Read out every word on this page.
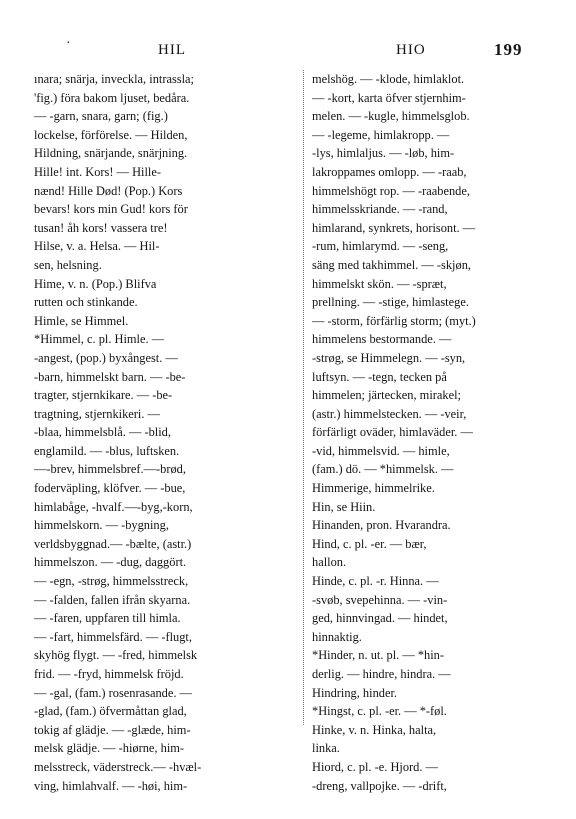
·	HIL	HIO	199
ınara; snärja, inveckla, intrassla;
'fig.) föra bakom ljuset, bedåra.
— -garn, snara, garn; (fig.)
lockelse, förförelse. — Hilden,
Hildning, snärjande, snärjning.
Hille! int. Kors! — Hille-
nænd! Hille Død! (Pop.) Kors
bevars! kors min Gud! kors för
tusan! åh kors! vassera tre!
Hilse, v. a. Helsa. — Hil-
sen, helsning.
Hime, v. n. (Pop.) Blifva
rutten och stinkande.
Himle, se Himmel.
*Himmel, c. pl. Himle. —
-angest, (pop.) byxångest. —
-barn, himmelskt barn. — -be-
tragter, stjernkikare. — -be-
tragtning, stjernkikeri. —
-blaa, himmelsblå. — -blid,
englamild. — -blus, luftsken.
—-brev, himmelsbref.—-brød,
foderväpling, klöfver. — -bue,
himlabåge, -hvalf.—-byg,-korn,
himmelskorn. — -bygning,
verldsbyggnad.— -bælte, (astr.)
himmelszon. — -dug, daggört.
— -egn, -strøg, himmelsstreck,
— -falden, fallen ifrån skyarna.
— -faren, uppfaren till himla.
— -fart, himmelsfärd. — -flugt,
skyhög flygt. — -fred, himmelsk
frid. — -fryd, himmelsk fröjd.
— -gal, (fam.) rosenrasande. —
-glad, (fam.) öfvermåttan glad,
tokig af glädje. — -glæde, him-
melsk glädje. — -hiørne, him-
melsstreck, väderstreck.— -hvæl-
ving, himlahvalf. — -høi, him-
melshög. — -klode, himlaklot.
— -kort, karta öfver stjernhim-
melen. — -kugle, himmelsglob.
— -legeme, himlakropp. —
-lys, himlaljus. — -løb, him-
lakroppames omlopp. — -raab,
himmelshögt rop. — -raabende,
himmelsskriande. — -rand,
himlarand, synkrets, horisont. —
-rum, himlarymd. — -seng,
säng med takhimmel. — -skjøn,
himmelskt skön. — -spræt,
prellning. — -stige, himlastege.
— -storm, förfärlig storm; (myt.)
himmelens bestormande. —
-strøg, se Himmelegn. — -syn,
luftsyn. — -tegn, tecken på
himmelen; järtecken, mirakel;
(astr.) himmelstecken. — -veir,
förfärligt oväder, himlaväder. —
-vid, himmelsvid. — himle,
(fam.) dö. — *himmelsk. —
Himmerige, himmelrike.
Hin, se Hiin.
Hinanden, pron. Hvarandra.
Hind, c. pl. -er. — bær,
hallon.
Hinde, c. pl. -r. Hinna. —
-svøb, svepehinna. — -vin-
ged, hinnvingad. — hindet,
hinnaktig.
*Hinder, n. ut. pl. — *hin-
derlig. — hindre, hindra. —
Hindring, hinder.
*Hingst, c. pl. -er. — *-føl.
Hinke, v. n. Hinka, halta,
linka.
Hiord, c. pl. -e. Hjord. —
-dreng, vallpojke. — -drift,
